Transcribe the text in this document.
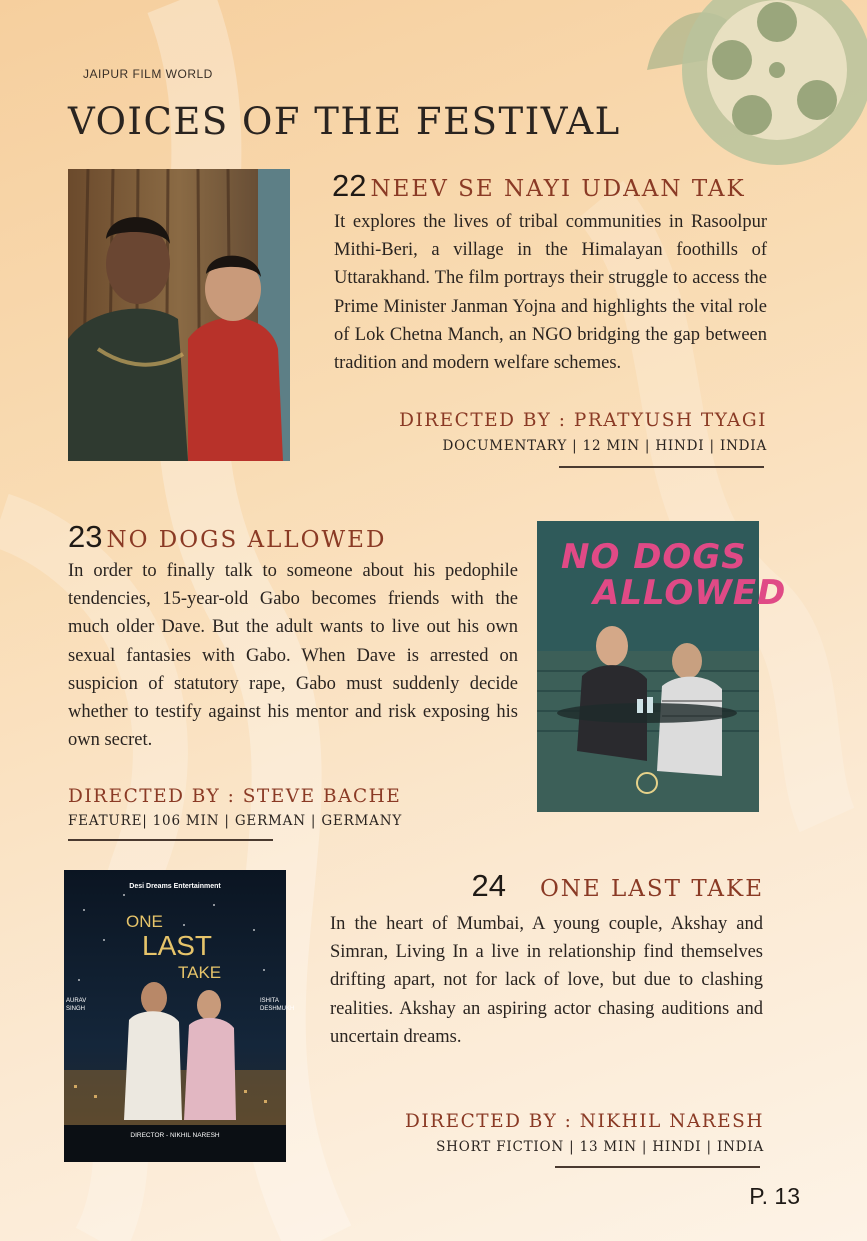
JAIPUR FILM WORLD
VOICES OF THE FESTIVAL
22 NEEV SE NAYI UDAAN TAK

It explores the lives of tribal communities in Rasoolpur Mithi-Beri, a village in the Himalayan foothills of Uttarakhand. The film portrays their struggle to access the Prime Minister Janman Yojna and highlights the vital role of Lok Chetna Manch, an NGO bridging the gap between tradition and modern welfare schemes.

DIRECTED BY : PRATYUSH TYAGI
DOCUMENTARY | 12 MIN | HINDI | INDIA
23 NO DOGS ALLOWED

In order to finally talk to someone about his pedophile tendencies, 15-year-old Gabo becomes friends with the much older Dave. But the adult wants to live out his own sexual fantasies with Gabo. When Dave is arrested on suspicion of statutory rape, Gabo must suddenly decide whether to testify against his mentor and risk exposing his own secret.

DIRECTED BY : STEVE BACHE
FEATURE| 106 MIN | GERMAN | GERMANY
NO DOGS
ALLOWED
Desi Dreams Entertainment
ONE
LAST
TAKE
AURAV SINGH
ISHITA DESHMUKH
DIRECTOR - NIKHIL NARESH
24 ONE LAST TAKE

In the heart of Mumbai, A young couple, Akshay and Simran, Living In a live in relationship find themselves drifting apart, not for lack of love, but due to clashing realities. Akshay an aspiring actor chasing auditions and uncertain dreams.

DIRECTED BY : NIKHIL NARESH
SHORT FICTION | 13 MIN | HINDI | INDIA
P. 13
